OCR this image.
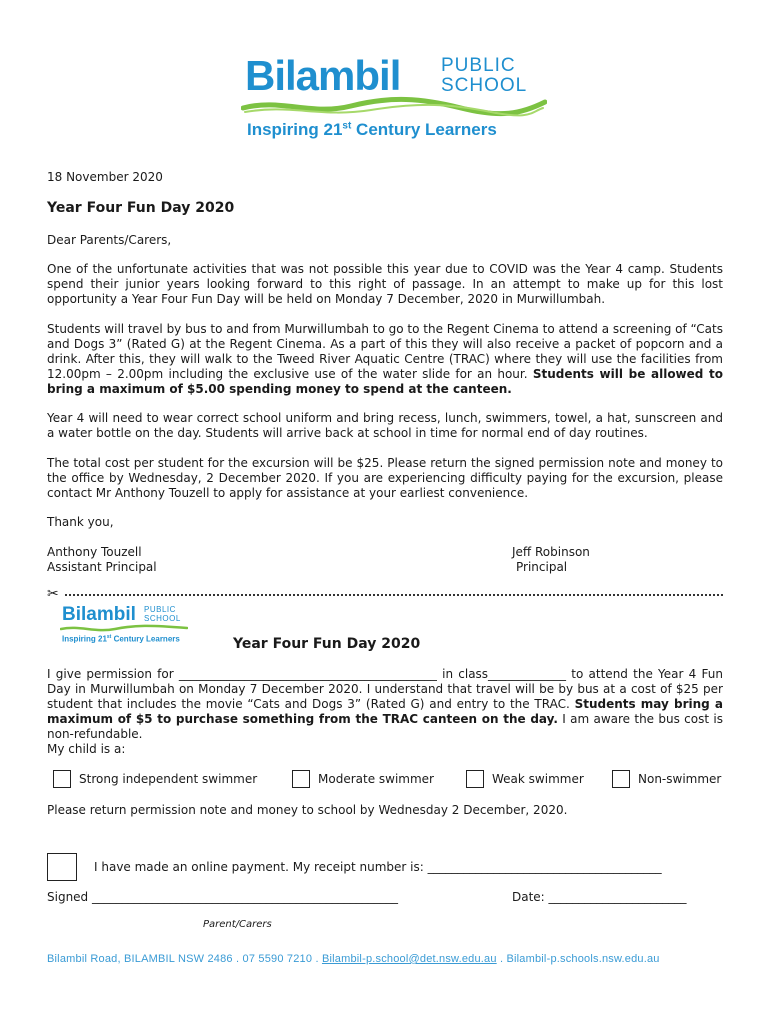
Bilambil PUBLIC
SCHOOL
Inspiring 21st Century Learners
18 November 2020
Year Four Fun Day 2020
Dear Parents/Carers,
One of the unfortunate activities that was not possible this year due to COVID was the Year 4 camp. Students spend their junior years looking forward to this right of passage. In an attempt to make up for this lost opportunity a Year Four Fun Day will be held on Monday 7 December, 2020 in Murwillumbah.
Students will travel by bus to and from Murwillumbah to go to the Regent Cinema to attend a screening of “Cats and Dogs 3” (Rated G) at the Regent Cinema. As a part of this they will also receive a packet of popcorn and a drink. After this, they will walk to the Tweed River Aquatic Centre (TRAC) where they will use the facilities from 12.00pm – 2.00pm including the exclusive use of the water slide for an hour. Students will be allowed to bring a maximum of $5.00 spending money to spend at the canteen.
Year 4 will need to wear correct school uniform and bring recess, lunch, swimmers, towel, a hat, sunscreen and a water bottle on the day. Students will arrive back at school in time for normal end of day routines.
The total cost per student for the excursion will be $25. Please return the signed permission note and money to the office by Wednesday, 2 December 2020. If you are experiencing difficulty paying for the excursion, please contact Mr Anthony Touzell to apply for assistance at your earliest convenience.
Thank you,
Anthony Touzell
Assistant Principal
Jeff Robinson
Principal
✂
Bilambil PUBLIC
SCHOOL
Inspiring 21st Century Learners	Year Four Fun Day 2020
I give permission for ___________________________________________ in class_____________ to attend the Year 4 Fun Day in Murwillumbah on Monday 7 December 2020. I understand that travel will be by bus at a cost of $25 per student that includes the movie “Cats and Dogs 3” (Rated G) and entry to the TRAC. Students may bring a maximum of $5 to purchase something from the TRAC canteen on the day. I am aware the bus cost is non-refundable.
My child is a:
Strong independent swimmer	Moderate swimmer	Weak swimmer	Non-swimmer
Please return permission note and money to school by Wednesday 2 December, 2020.
I have made an online payment. My receipt number is: _______________________________________
Signed ___________________________________________________	Date: _______________________
Parent/Carers
Bilambil Road, BILAMBIL NSW 2486 . 07 5590 7210 . Bilambil-p.school@det.nsw.edu.au . Bilambil-p.schools.nsw.edu.au
